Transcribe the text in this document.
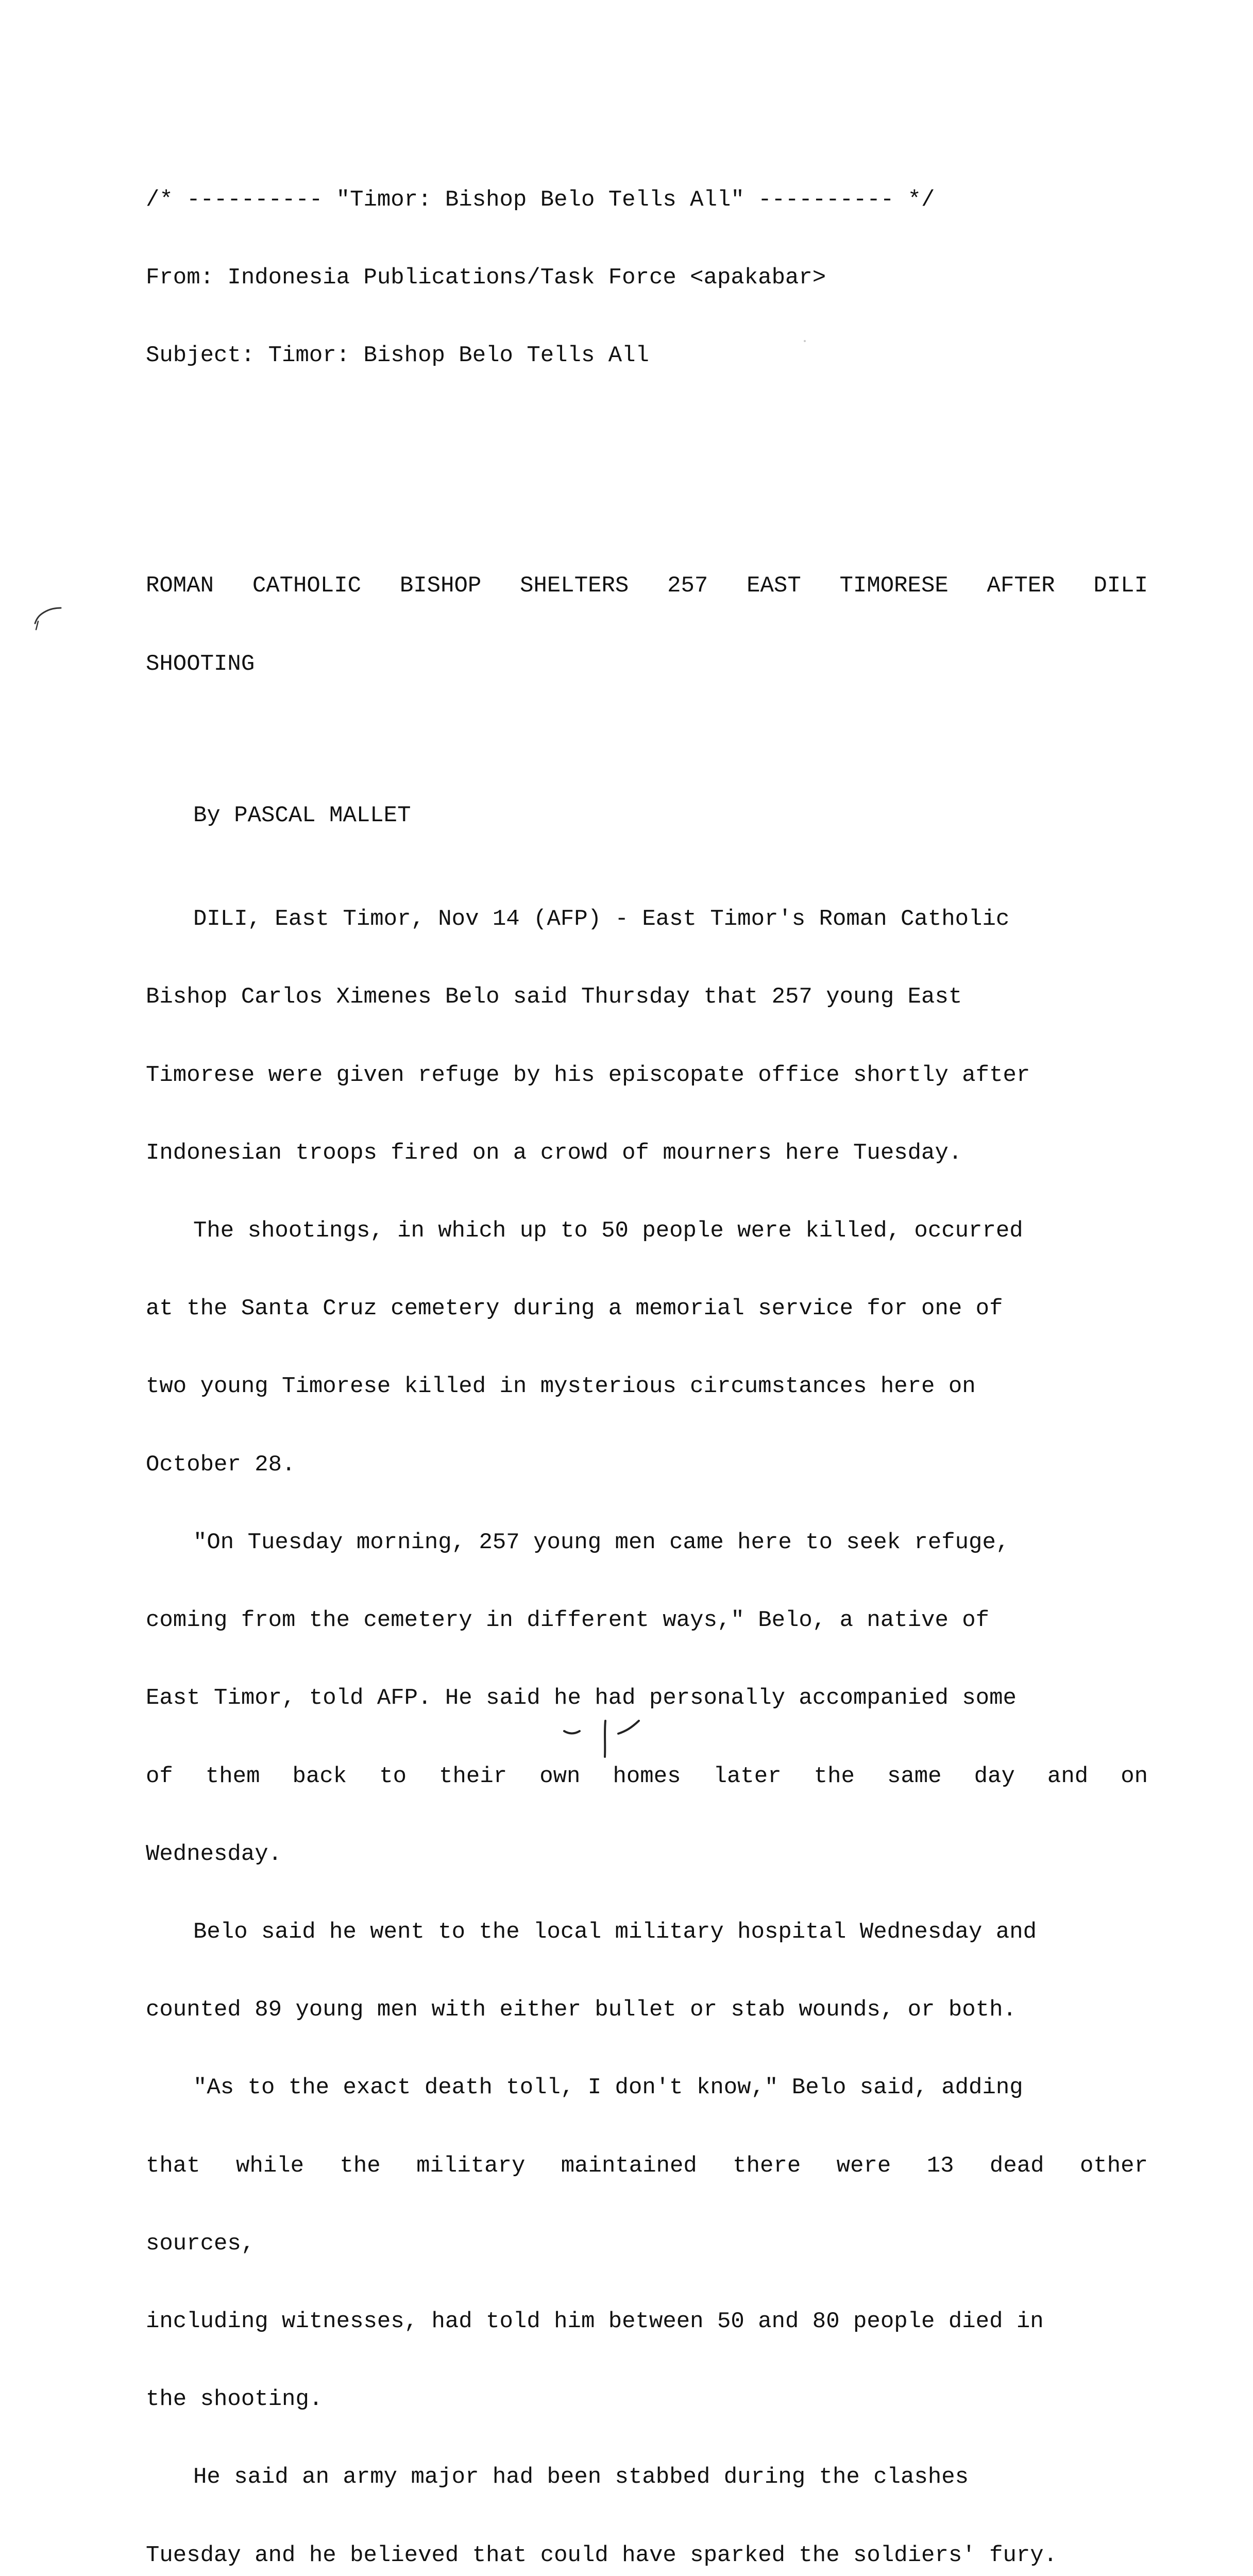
/* ---------- "Timor: Bishop Belo Tells All" ---------- */

From: Indonesia Publications/Task Force <apakabar>

Subject: Timor: Bishop Belo Tells All

ROMAN CATHOLIC BISHOP SHELTERS 257 EAST TIMORESE AFTER DILI

SHOOTING

By PASCAL MALLET

DILI, East Timor, Nov 14 (AFP) - East Timor's Roman Catholic

Bishop Carlos Ximenes Belo said Thursday that 257 young East

Timorese were given refuge by his episcopate office shortly after

Indonesian troops fired on a crowd of mourners here Tuesday.

The shootings, in which up to 50 people were killed, occurred

at the Santa Cruz cemetery during a memorial service for one of

two young Timorese killed in mysterious circumstances here on

October 28.

"On Tuesday morning, 257 young men came here to seek refuge,

coming from the cemetery in different ways," Belo, a native of

East Timor, told AFP. He said he had personally accompanied some

of them back to their own homes later the same day and on

Wednesday.

Belo said he went to the local military hospital Wednesday and

counted 89 young men with either bullet or stab wounds, or both.

"As to the exact death toll, I don't know," Belo said, adding

that while the military maintained there were 13 dead other

sources,

including witnesses, had told him between 50 and 80 people died in

the shooting.

He said an army major had been stabbed during the clashes

Tuesday and he believed that could have sparked the soldiers' fury.
